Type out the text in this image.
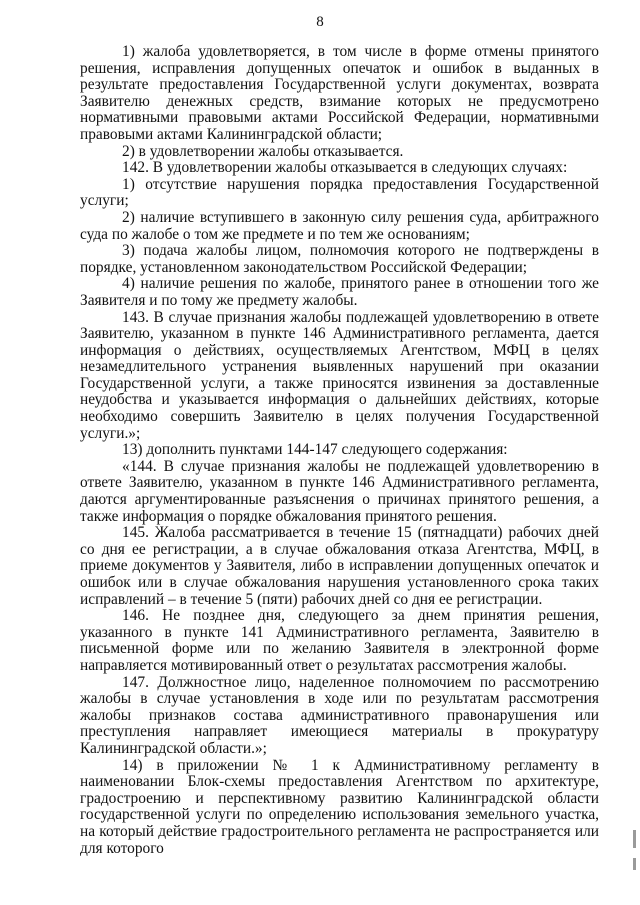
8

1) жалоба удовлетворяется, в том числе в форме отмены принятого решения, исправления допущенных опечаток и ошибок в выданных в результате предоставления Государственной услуги документах, возврата Заявителю денежных средств, взимание которых не предусмотрено нормативными правовыми актами Российской Федерации, нормативными правовыми актами Калининградской области;

2) в удовлетворении жалобы отказывается.

142. В удовлетворении жалобы отказывается в следующих случаях:

1) отсутствие нарушения порядка предоставления Государственной услуги;

2) наличие вступившего в законную силу решения суда, арбитражного суда по жалобе о том же предмете и по тем же основаниям;

3) подача жалобы лицом, полномочия которого не подтверждены в порядке, установленном законодательством Российской Федерации;

4) наличие решения по жалобе, принятого ранее в отношении того же Заявителя и по тому же предмету жалобы.

143. В случае признания жалобы подлежащей удовлетворению в ответе Заявителю, указанном в пункте 146 Административного регламента, дается информация о действиях, осуществляемых Агентством, МФЦ в целях незамедлительного устранения выявленных нарушений при оказании Государственной услуги, а также приносятся извинения за доставленные неудобства и указывается информация о дальнейших действиях, которые необходимо совершить Заявителю в целях получения Государственной услуги.»;

13) дополнить пунктами 144-147 следующего содержания:

«144. В случае признания жалобы не подлежащей удовлетворению в ответе Заявителю, указанном в пункте 146 Административного регламента, даются аргументированные разъяснения о причинах принятого решения, а также информация о порядке обжалования принятого решения.

145. Жалоба рассматривается в течение 15 (пятнадцати) рабочих дней со дня ее регистрации, а в случае обжалования отказа Агентства, МФЦ, в приеме документов у Заявителя, либо в исправлении допущенных опечаток и ошибок или в случае обжалования нарушения установленного срока таких исправлений – в течение 5 (пяти) рабочих дней со дня ее регистрации.

146. Не позднее дня, следующего за днем принятия решения, указанного в пункте 141 Административного регламента, Заявителю в письменной форме или по желанию Заявителя в электронной форме направляется мотивированный ответ о результатах рассмотрения жалобы.

147. Должностное лицо, наделенное полномочием по рассмотрению жалобы в случае установления в ходе или по результатам рассмотрения жалобы признаков состава административного правонарушения или преступления направляет имеющиеся материалы в прокуратуру Калининградской области.»;

14) в приложении № 1 к Административному регламенту в наименовании Блок-схемы предоставления Агентством по архитектуре, градостроению и перспективному развитию Калининградской области государственной услуги по определению использования земельного участка, на который действие градостроительного регламента не распространяется или для которого
